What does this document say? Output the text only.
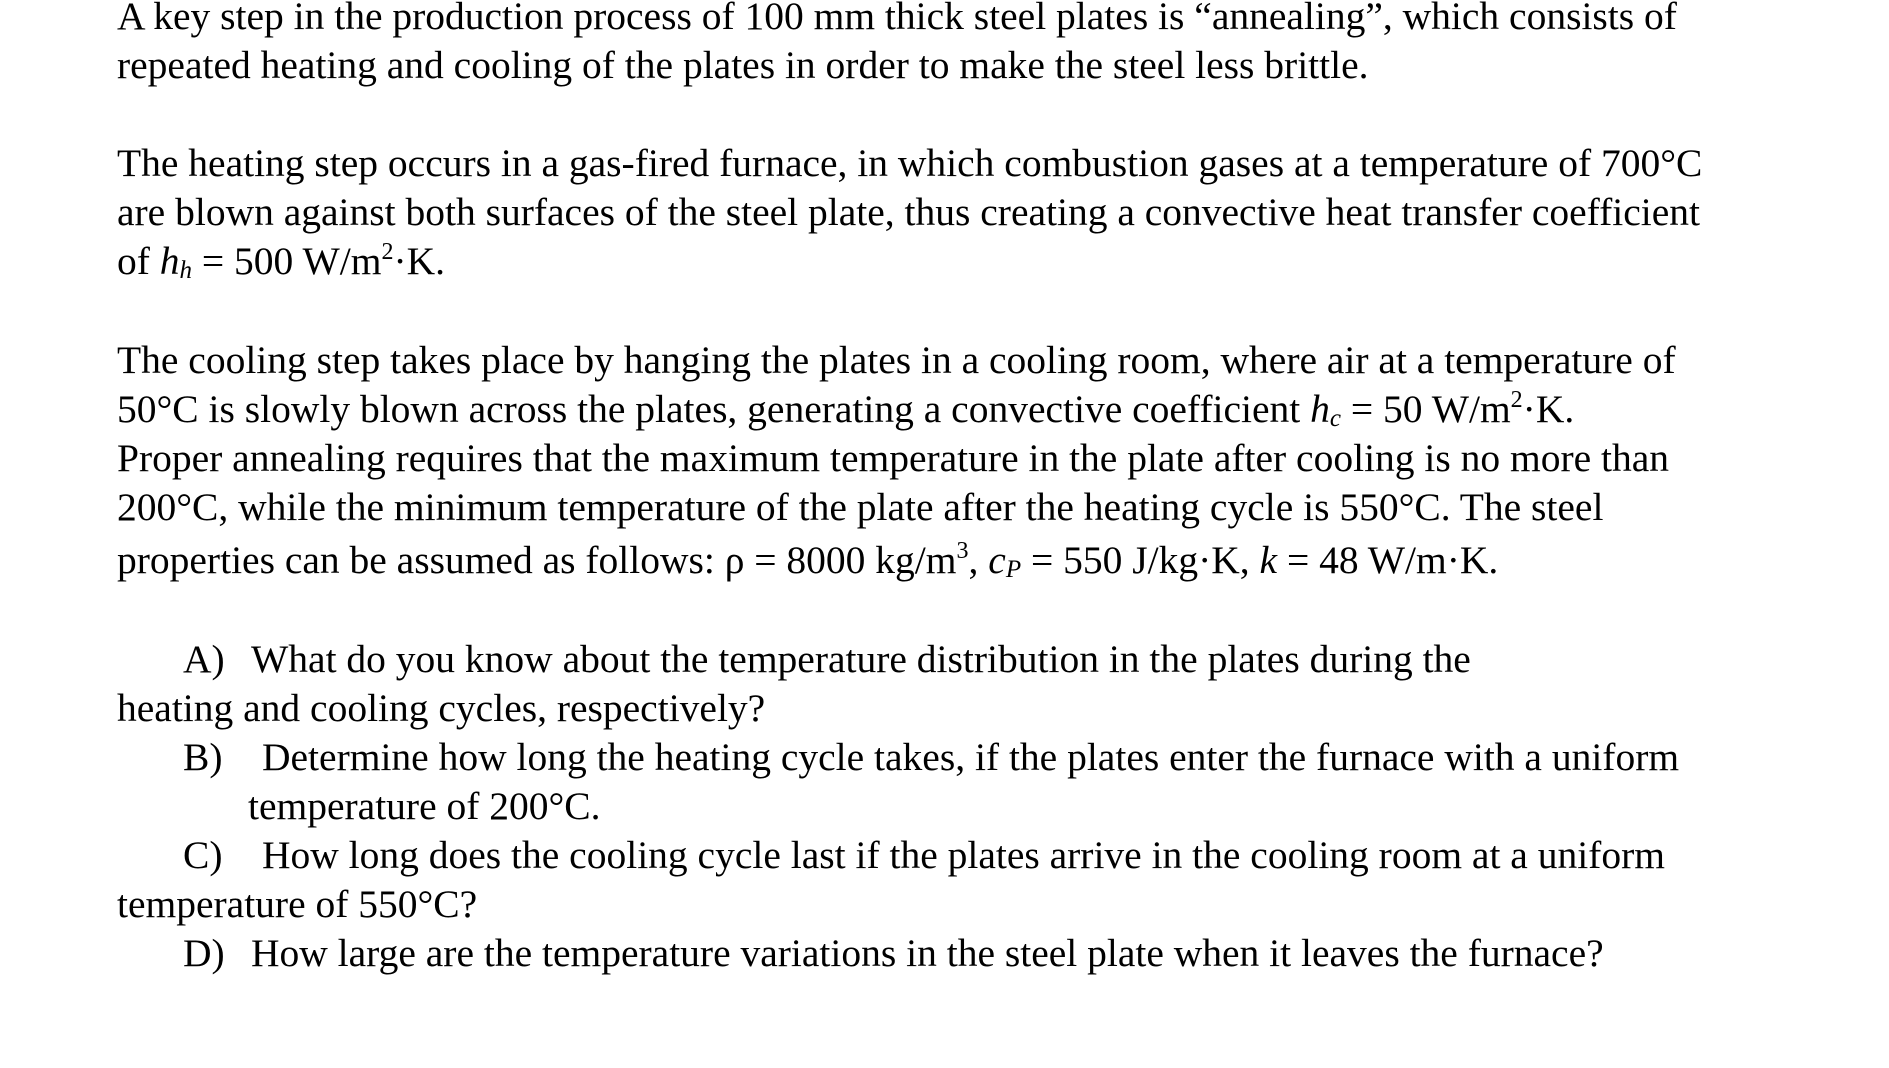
A key step in the production process of 100 mm thick steel plates is “annealing”, which consists of
repeated heating and cooling of the plates in order to make the steel less brittle.
The heating step occurs in a gas-fired furnace, in which combustion gases at a temperature of 700°C
are blown against both surfaces of the steel plate, thus creating a convective heat transfer coefficient
of hh = 500 $W/m^2\cdot K$.
The cooling step takes place by hanging the plates in a cooling room, where air at a temperature of
50°C is slowly blown across the plates, generating a convective coefficient hc = 50 $W/m^2\cdot K$.
Proper annealing requires that the maximum temperature in the plate after cooling is no more than
200°C, while the minimum temperature of the plate after the heating cycle is 550°C. The steel
properties can be assumed as follows: ρ = 8000 $kg/m^3$, cP = 550 J/kg·K, k = 48 W/m·K.
A) What do you know about the temperature distribution in the plates during the
heating and cooling cycles, respectively?
B) Determine how long the heating cycle takes, if the plates enter the furnace with a uniform
temperature of 200°C.
C) How long does the cooling cycle last if the plates arrive in the cooling room at a uniform
temperature of 550°C?
D) How large are the temperature variations in the steel plate when it leaves the furnace?
